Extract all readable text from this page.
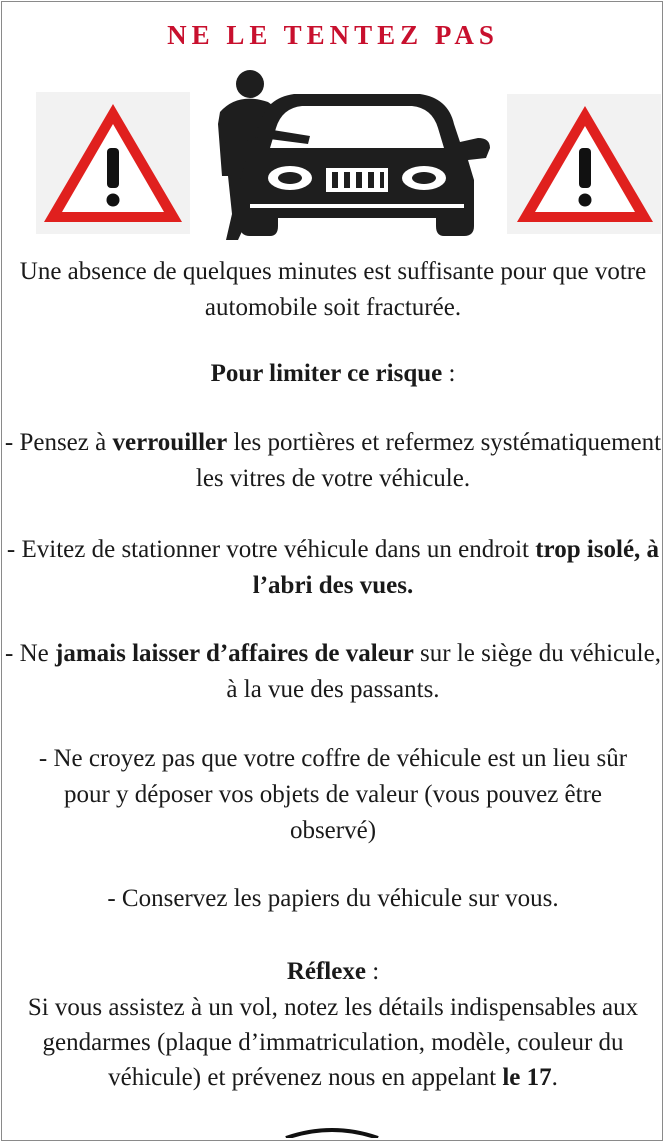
NE LE TENTEZ PAS
Une absence de quelques minutes est suffisante pour que votre automobile soit fracturée.
Pour limiter ce risque :
- Pensez à verrouiller les portières et refermez systématiquement les vitres de votre véhicule.
- Evitez de stationner votre véhicule dans un endroit trop isolé, à l’abri des vues.
- Ne jamais laisser d’affaires de valeur sur le siège du véhicule, à la vue des passants.
- Ne croyez pas que votre coffre de véhicule est un lieu sûr pour y déposer vos objets de valeur (vous pouvez être observé)
- Conservez les papiers du véhicule sur vous.
Réflexe :
Si vous assistez à un vol, notez les détails indispensables aux gendarmes (plaque d’immatriculation, modèle, couleur du véhicule) et prévenez nous en appelant le 17.
